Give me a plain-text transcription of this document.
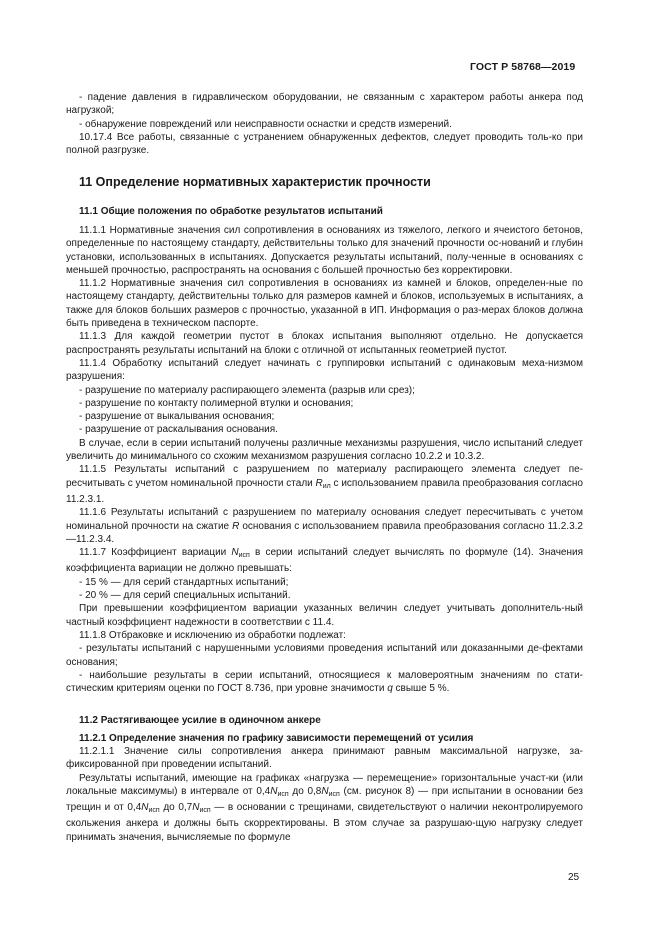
ГОСТ Р 58768—2019

- падение давления в гидравлическом оборудовании, не связанным с характером работы анкера под нагрузкой;

- обнаружение повреждений или неисправности оснастки и средств измерений.

10.17.4 Все работы, связанные с устранением обнаруженных дефектов, следует проводить толь-ко при полной разгрузке.

11 Определение нормативных характеристик прочности
11.1 Общие положения по обработке результатов испытаний

11.1.1 Нормативные значения сил сопротивления в основаниях из тяжелого, легкого и ячеистого бетонов, определенные по настоящему стандарту, действительны только для значений прочности ос-нований и глубин установки, использованных в испытаниях. Допускается результаты испытаний, полу-ченные в основаниях с меньшей прочностью, распространять на основания с большей прочностью без корректировки.

11.1.2 Нормативные значения сил сопротивления в основаниях из камней и блоков, определен-ные по настоящему стандарту, действительны только для размеров камней и блоков, используемых в испытаниях, а также для блоков больших размеров с прочностью, указанной в ИП. Информация о раз-мерах блоков должна быть приведена в техническом паспорте.

11.1.3 Для каждой геометрии пустот в блоках испытания выполняют отдельно. Не допускается распространять результаты испытаний на блоки с отличной от испытанных геометрией пустот.

11.1.4 Обработку испытаний следует начинать с группировки испытаний с одинаковым меха-низмом разрушения:

- разрушение по материалу распирающего элемента (разрыв или срез);

- разрушение по контакту полимерной втулки и основания;

- разрушение от выкалывания основания;

- разрушение от раскалывания основания.

В случае, если в серии испытаний получены различные механизмы разрушения, число испытаний следует увеличить до минимального со схожим механизмом разрушения согласно 10.2.2 и 10.3.2.

11.1.5 Результаты испытаний с разрушением по материалу распирающего элемента следует пе-ресчитывать с учетом номинальной прочности стали $R_{ил}$ с использованием правила преобразования согласно 11.2.3.1.

11.1.6 Результаты испытаний с разрушением по материалу основания следует пересчитывать с учетом номинальной прочности на сжатие R основания с использованием правила преобразования согласно 11.2.3.2—11.2.3.4.

11.1.7 Коэффициент вариации $N_{исп}$ в серии испытаний следует вычислять по формуле (14). Значения коэффициента вариации не должно превышать:

- 15 % — для серий стандартных испытаний;

- 20 % — для серий специальных испытаний.

При превышении коэффициентом вариации указанных величин следует учитывать дополнитель-ный частный коэффициент надежности в соответствии с 11.4.

11.1.8 Отбраковке и исключению из обработки подлежат:

- результаты испытаний с нарушенными условиями проведения испытаний или доказанными де-фектами основания;

- наибольшие результаты в серии испытаний, относящиеся к маловероятным значениям по стати-стическим критериям оценки по ГОСТ 8.736, при уровне значимости q свыше 5 %.

11.2 Растягивающее усилие в одиночном анкере
11.2.1 Определение значения по графику зависимости перемещений от усилия

11.2.1.1 Значение силы сопротивления анкера принимают равным максимальной нагрузке, за-фиксированной при проведении испытаний.

Результаты испытаний, имеющие на графиках «нагрузка — перемещение» горизонтальные участ-ки (или локальные максимумы) в интервале от $0,4N_{исп}$ до $0,8N_{исп}$ (см. рисунок 8) — при испытании в основании без трещин и от $0,4N_{исп}$ до $0,7N_{исп}$ — в основании с трещинами, свидетельствуют о наличии неконтролируемого скольжения анкера и должны быть скорректированы. В этом случае за разрушаю-щую нагрузку следует принимать значения, вычисляемые по формуле

25
